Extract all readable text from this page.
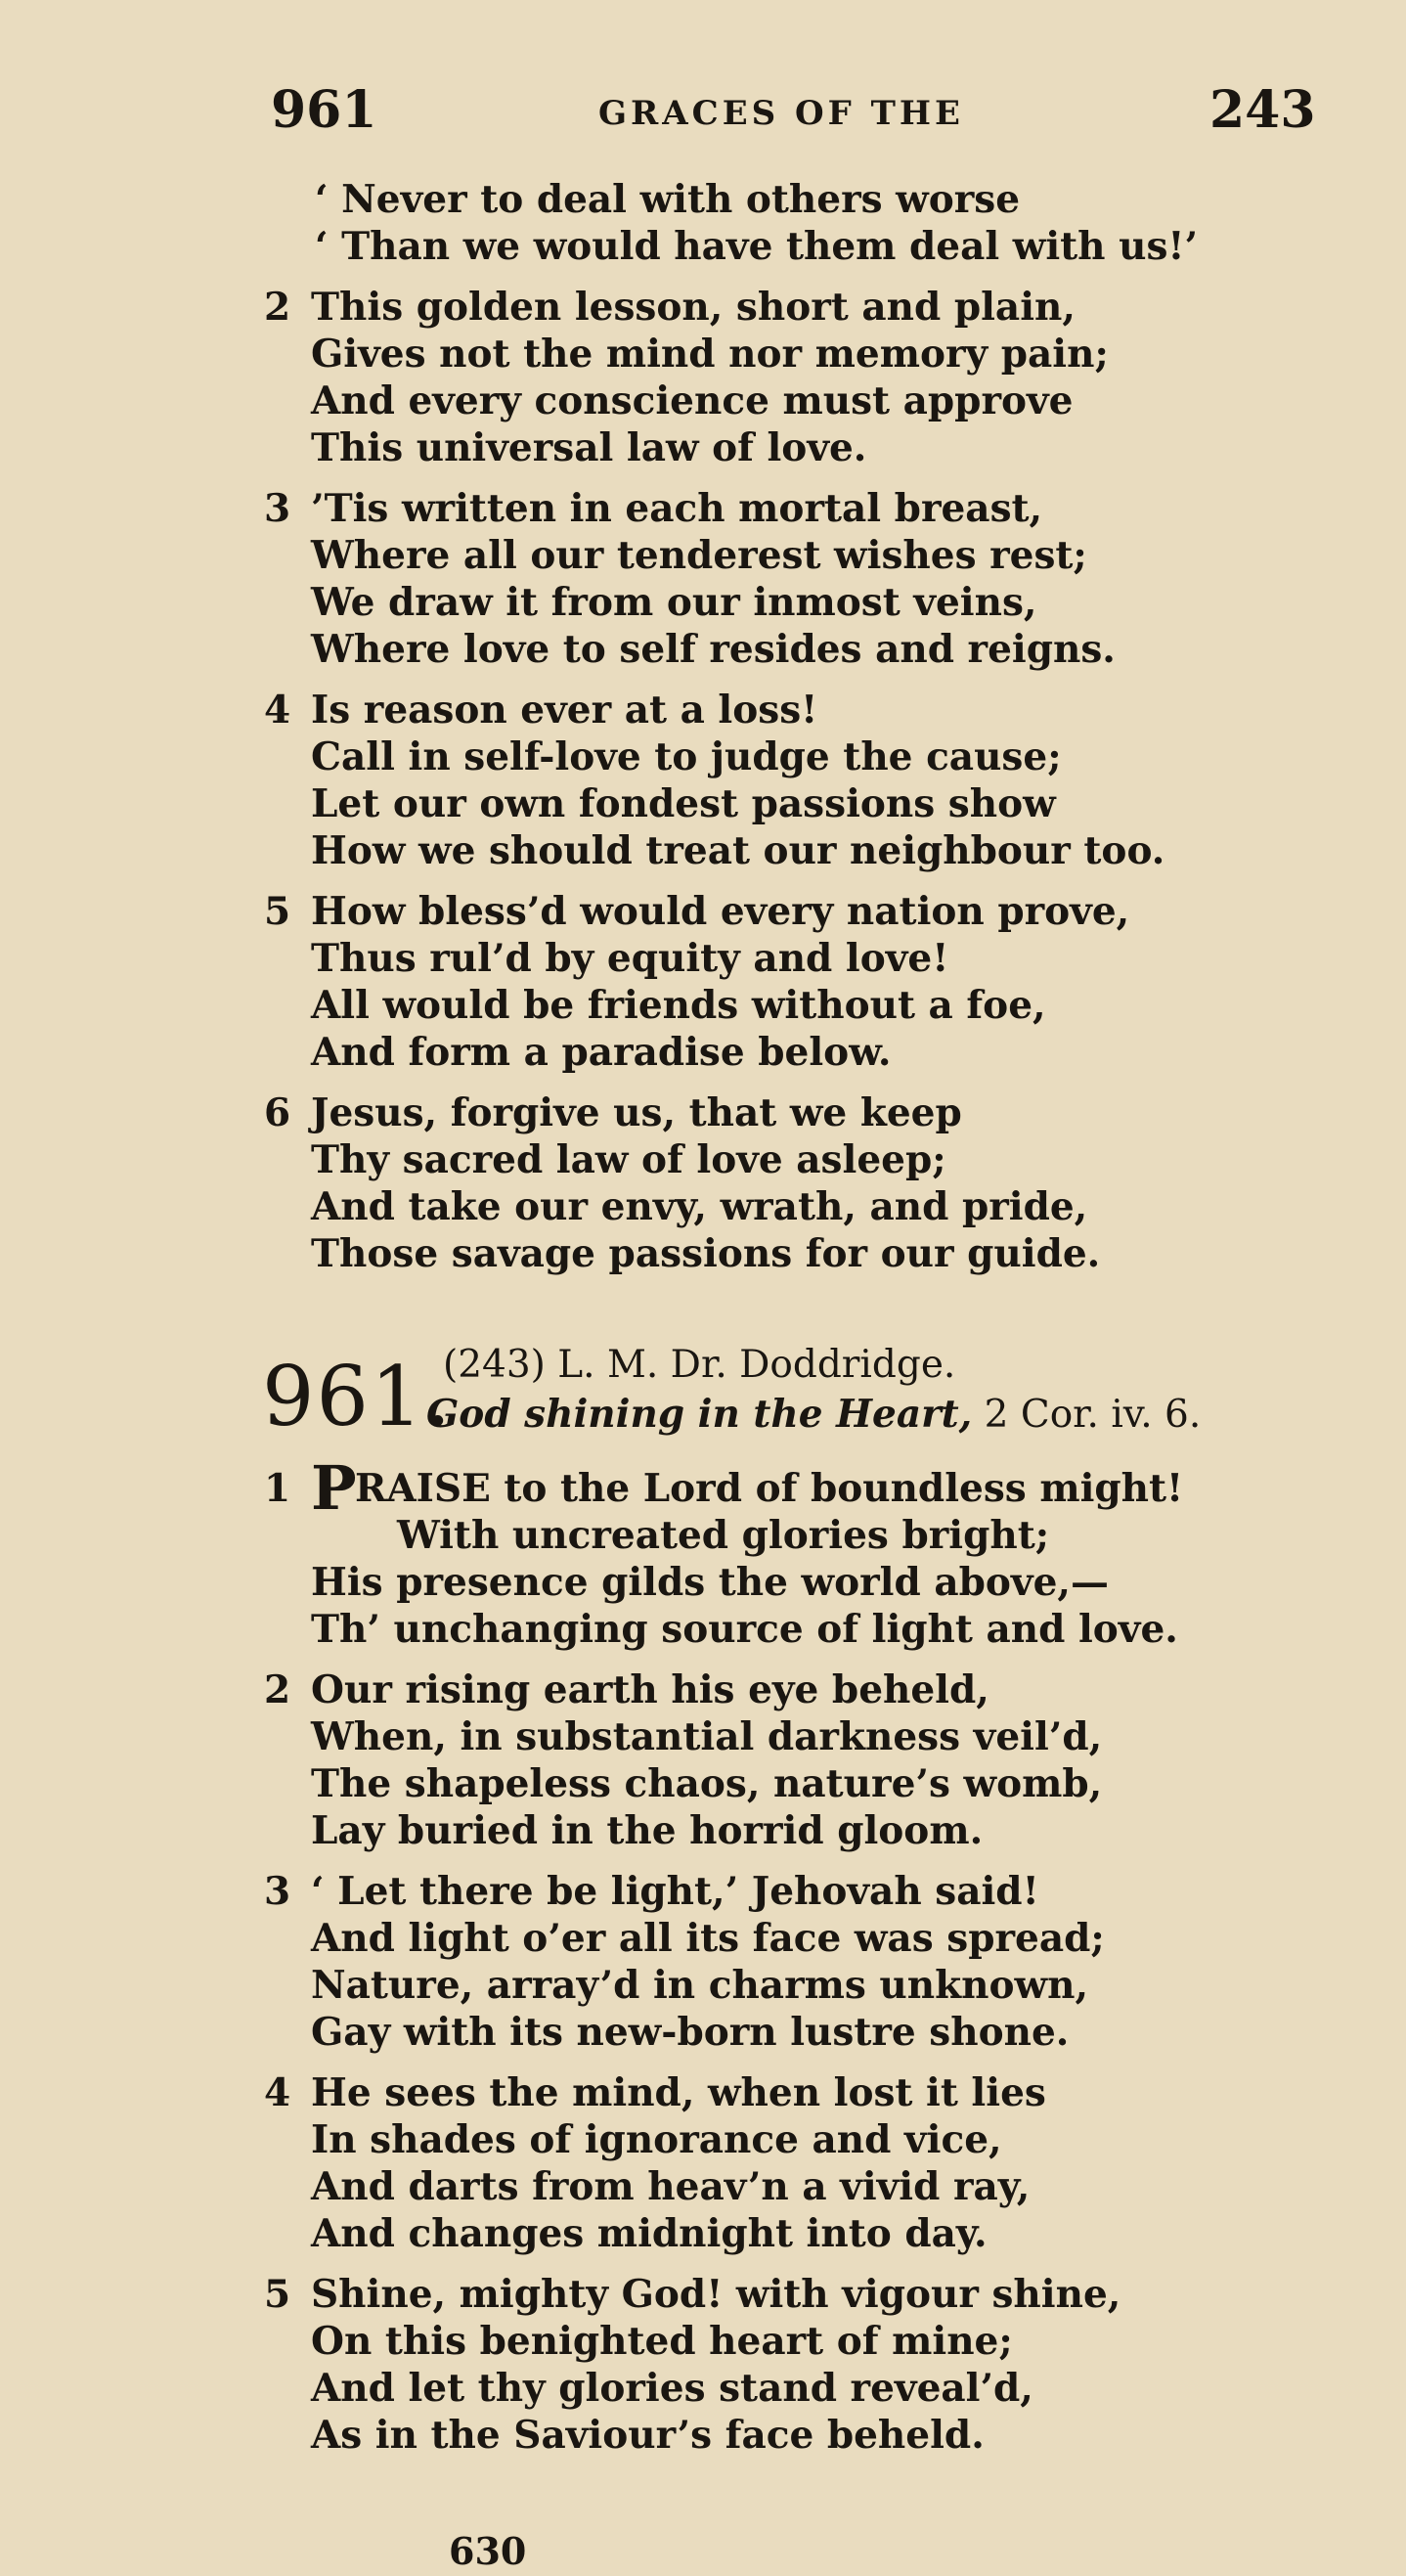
961	GRACES OF THE	243
‘ Never to deal with others worse
‘ Than we would have them deal with us!’
2 This golden lesson, short and plain,
Gives not the mind nor memory pain;
And every conscience must approve
This universal law of love.
3 ’Tis written in each mortal breast,
Where all our tenderest wishes rest;
We draw it from our inmost veins,
Where love to self resides and reigns.
4 Is reason ever at a loss!
Call in self-love to judge the cause;
Let our own fondest passions show
How we should treat our neighbour too.
5 How bless’d would every nation prove,
Thus rul’d by equity and love!
All would be friends without a foe,
And form a paradise below.
6 Jesus, forgive us, that we keep
Thy sacred law of love asleep;
And take our envy, wrath, and pride,
Those savage passions for our guide.
961.
(243) L. M. Dr. Doddridge.
God shining in the Heart, 2 Cor. iv. 6.
1 P
RAISE to the Lord of boundless might!
With uncreated glories bright;
His presence gilds the world above,—
Th’ unchanging source of light and love.
2 Our rising earth his eye beheld,
When, in substantial darkness veil’d,
The shapeless chaos, nature’s womb,
Lay buried in the horrid gloom.
3 ‘ Let there be light,’ Jehovah said!
And light o’er all its face was spread;
Nature, array’d in charms unknown,
Gay with its new-born lustre shone.
4 He sees the mind, when lost it lies
In shades of ignorance and vice,
And darts from heav’n a vivid ray,
And changes midnight into day.
5 Shine, mighty God! with vigour shine,
On this benighted heart of mine;
And let thy glories stand reveal’d,
As in the Saviour’s face beheld.
630
